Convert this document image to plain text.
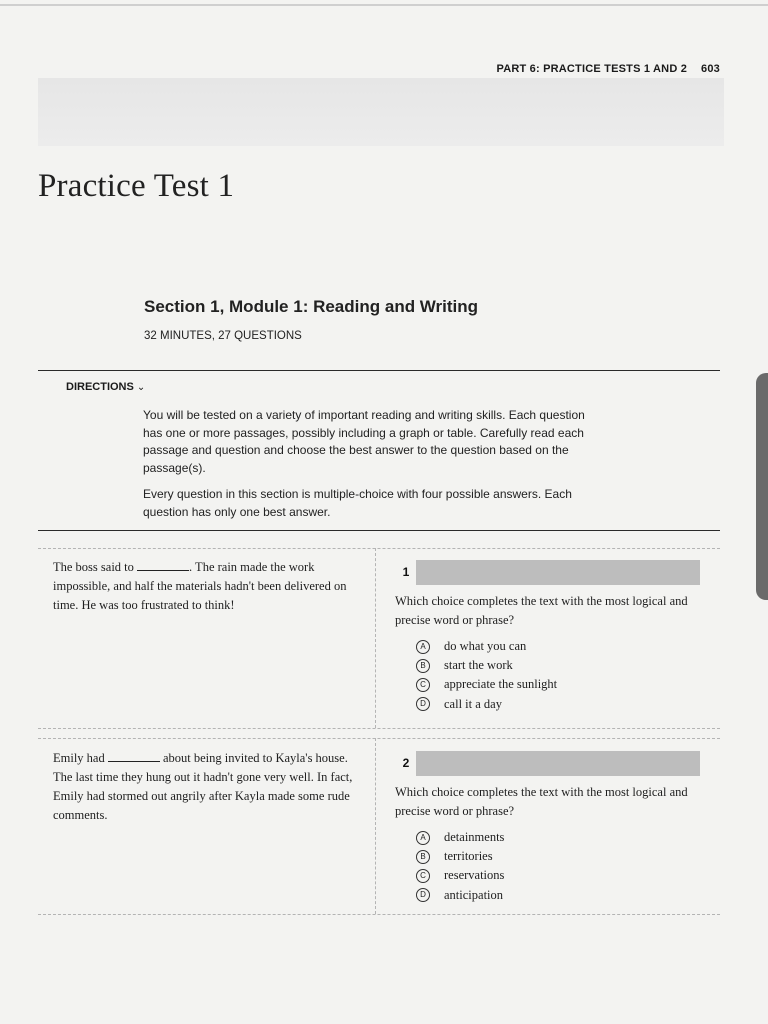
PART 6: PRACTICE TESTS 1 AND 2 603
Practice Test 1
Section 1, Module 1: Reading and Writing
32 MINUTES, 27 QUESTIONS
DIRECTIONS ⌄
You will be tested on a variety of important reading and writing skills. Each question has one or more passages, possibly including a graph or table. Carefully read each passage and question and choose the best answer to the question based on the passage(s).
Every question in this section is multiple-choice with four possible answers. Each question has only one best answer.
The boss said to	. The rain made the work impossible, and half the materials hadn't been delivered on time. He was too frustrated to think!
1
Which choice completes the text with the most logical and precise word or phrase?
A	do what you can
B	start the work
C	appreciate the sunlight
D	call it a day
Emily had	about being invited to Kayla's house. The last time they hung out it hadn't gone very well. In fact, Emily had stormed out angrily after Kayla made some rude comments.
2
Which choice completes the text with the most logical and precise word or phrase?
A	detainments
B	territories
C	reservations
D	anticipation
